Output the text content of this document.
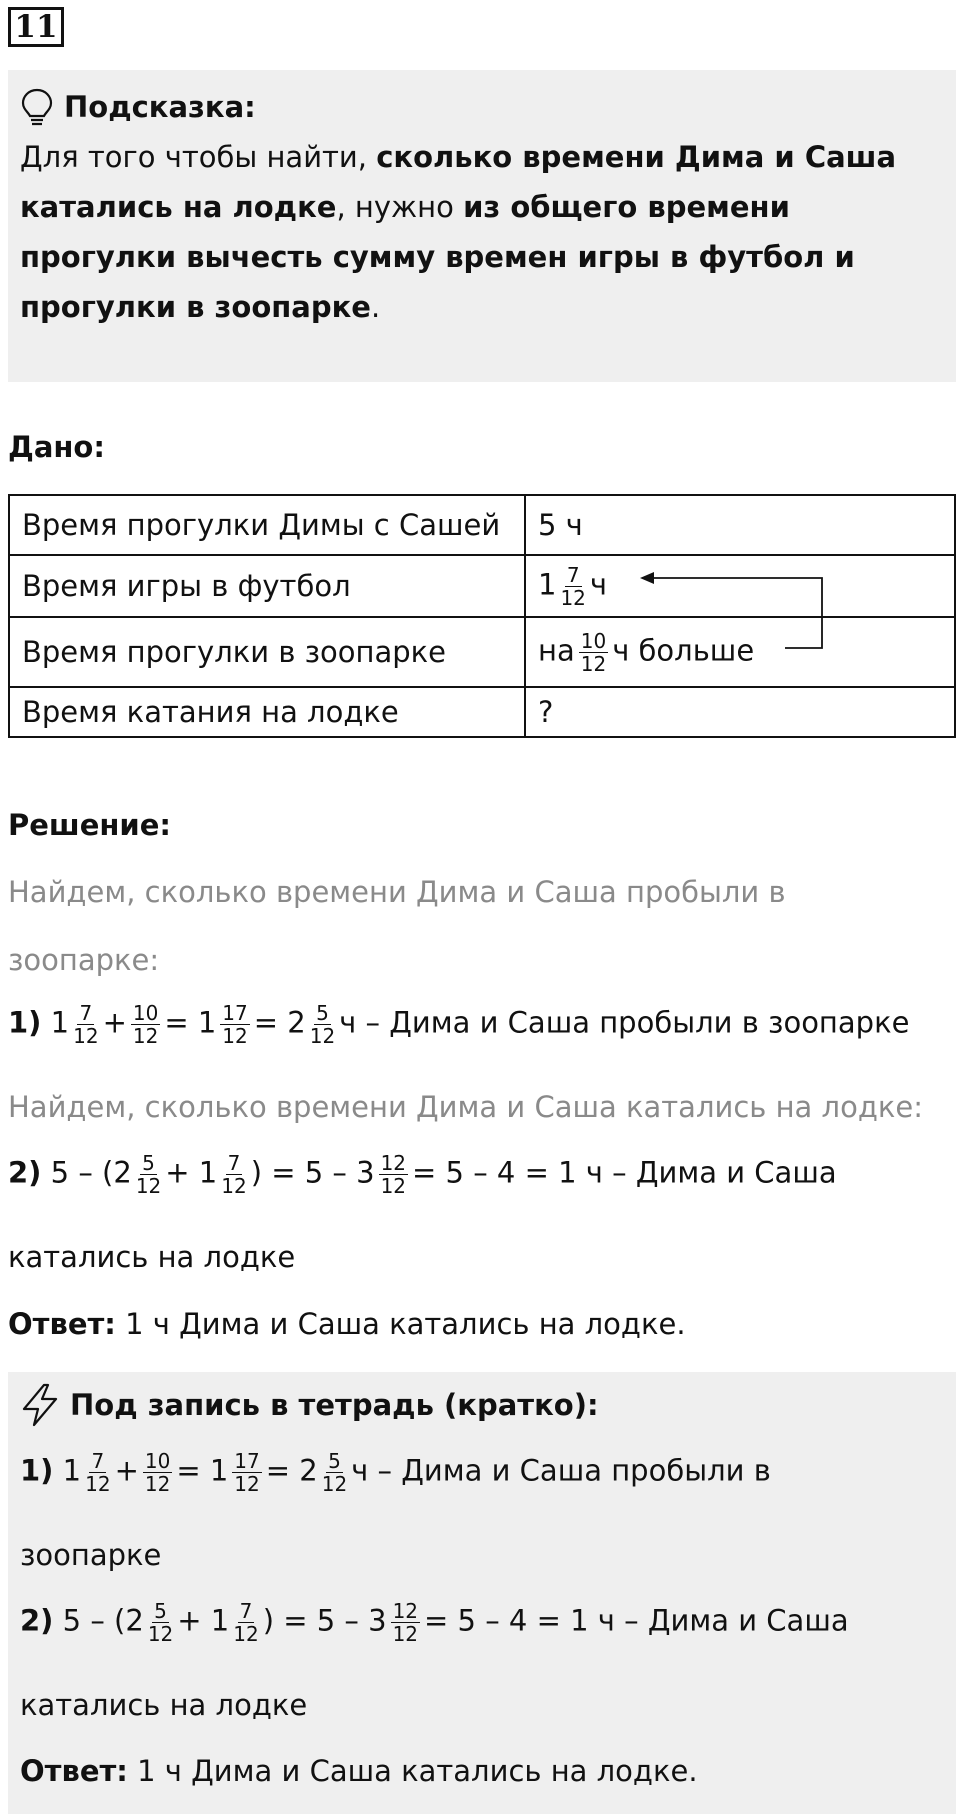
11
Подсказка:
Для того чтобы найти, сколько времени Дима и Саша катались на лодке, нужно из общего времени прогулки вычесть сумму времен игры в футбол и прогулки в зоопарке.
Дано:
Время прогулки Димы с Сашей	5 ч
Время игры в футбол	$1 \frac{7}{12}$ ч
Время прогулки в зоопарке	на $\frac{10}{12}$ ч больше
Время катания на лодке	?
Решение:
Найдем, сколько времени Дима и Саша пробыли в
зоопарке:
1) $1 \frac{7}{12} + \frac{10}{12} = 1 \frac{17}{12} = 2 \frac{5}{12}$ ч – Дима и Саша пробыли в зоопарке
Найдем, сколько времени Дима и Саша катались на лодке:
2) $5 - (2 \frac{5}{12} + 1 \frac{7}{12}$ ) = $5 - 3 \frac{12}{12} = 5 - 4 = 1$ ч – Дима и Саша
катались на лодке
Ответ: 1 ч Дима и Саша катались на лодке.
Под запись в тетрадь (кратко):
1) $1 \frac{7}{12} + \frac{10}{12} = 1 \frac{17}{12} = 2 \frac{5}{12}$ ч – Дима и Саша пробыли в
зоопарке
2) $5 - (2 \frac{5}{12} + 1 \frac{7}{12}$ ) = $5 - 3 \frac{12}{12} = 5 - 4 = 1$ ч – Дима и Саша
катались на лодке
Ответ: 1 ч Дима и Саша катались на лодке.
